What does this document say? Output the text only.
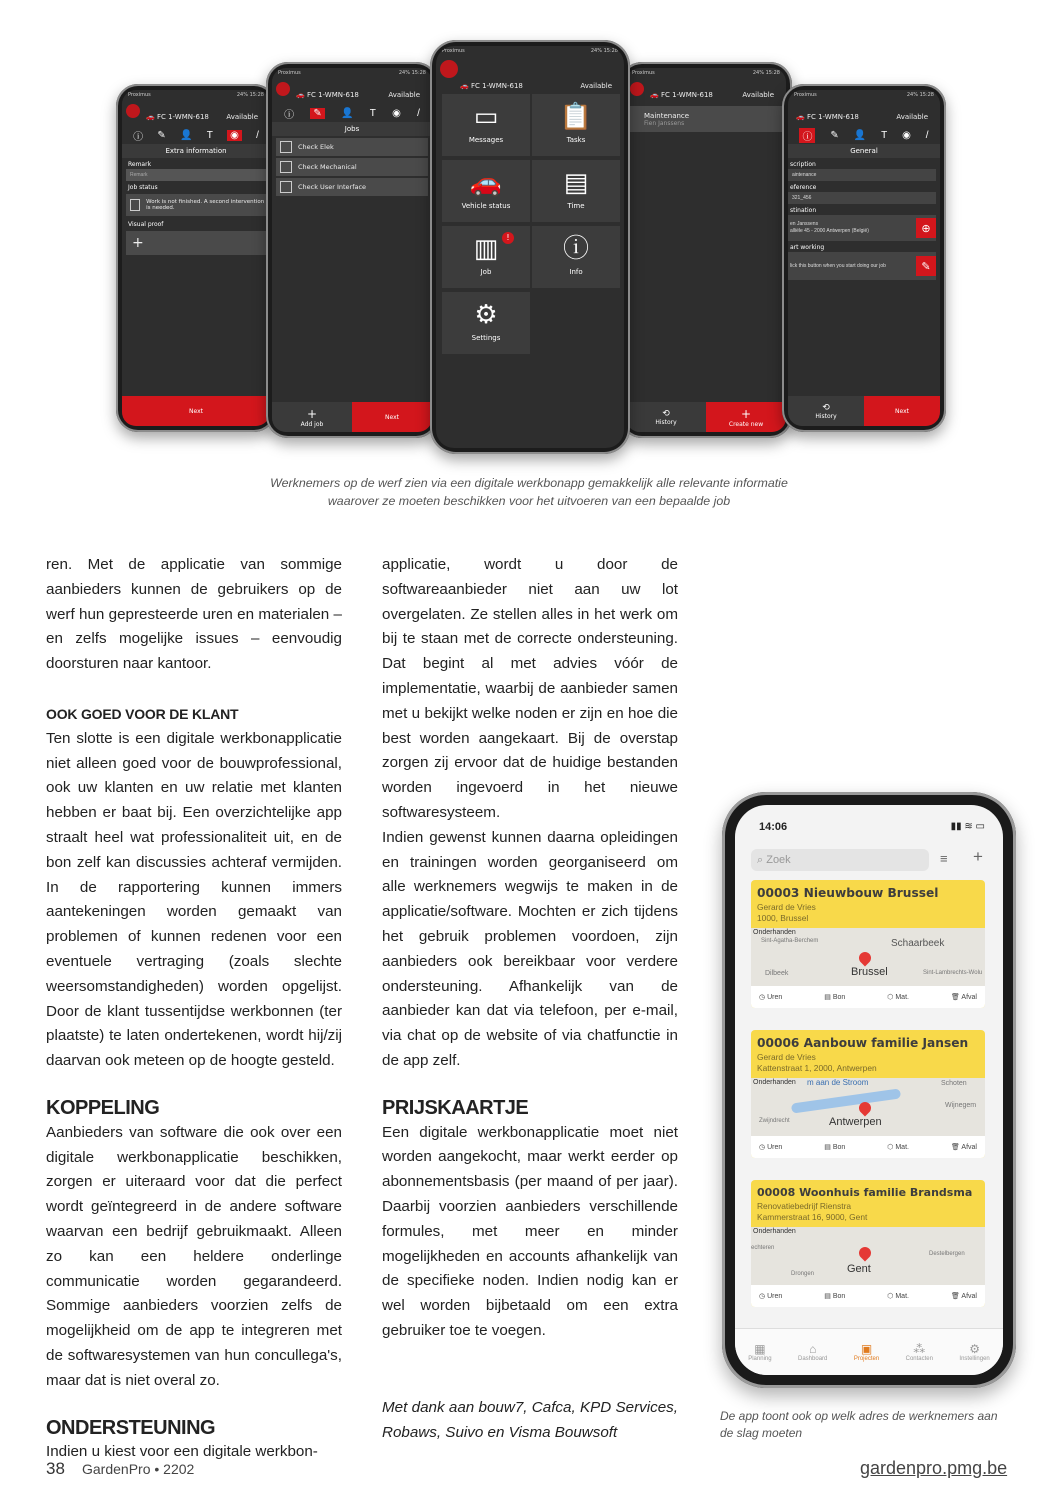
Proximus	24% 15:28
🚗 FC 1-WMN-618 Available
ⓘ ✎ 👤 T	◉	/
Extra information
Remark
Remark
Job status
Work is not finished. A second intervention is needed.
Visual proof
+
Next
Proximus	24% 15:28
🚗 FC 1-WMN-618	Available
ⓘ	✎	👤 T ◉ /
Jobs
Check Elek
Check Mechanical
Check User Interface
+
Add job
Next
Proximus	24% 15:28
🚗 FC 1-WMN-618	Available
Maintenance
Fien Janssens
⟲
History
+
Create new
Proximus	24% 15:28
🚗 FC 1-WMN-618	Available
ⓘ	✎ 👤 T ◉ /
General
scription
aintenance
eference
321_456
stination
en Janssens
alliële 45 - 2000 Antwerpen (België)	⊕
art working
lick this button when you start doing our job	✎
⟲
History
Next
Proximus	24% 15:28
🚗 FC 1-WMN-618	Available
▭
Messages
📋
Tasks
🚗
Vehicle status
▤
Time
▥
Job
!	ⓘ
Info
⚙
Settings
Werknemers op de werf zien via een digitale werkbonapp gemakkelijk alle relevante informatie waarover ze moeten beschikken voor het uitvoeren van een bepaalde job

ren. Met de applicatie van sommige aanbieders kunnen de gebruikers op de werf hun gepresteerde uren en materialen – en zelfs mogelijke issues – eenvoudig doorsturen naar kantoor.

OOK GOED VOOR DE KLANT

Ten slotte is een digitale werkbonapplicatie niet alleen goed voor de bouwprofessional, ook uw klanten en uw relatie met klanten hebben er baat bij. Een overzichtelijke app straalt heel wat professionaliteit uit, en de bon zelf kan discussies achteraf vermijden. In de rapportering kunnen immers aantekeningen worden gemaakt van problemen of kunnen redenen voor een eventuele vertraging (zoals slechte weersomstandigheden) worden opgelijst. Door de klant tussentijdse werkbonnen (ter plaatste) te laten ondertekenen, wordt hij/zij daarvan ook meteen op de hoogte gesteld.

KOPPELING

Aanbieders van software die ook over een digitale werkbonapplicatie beschikken, zorgen er uiteraard voor dat die perfect wordt geïntegreerd in de andere software waarvan een bedrijf gebruikmaakt. Alleen zo kan een heldere onderlinge communicatie worden gegarandeerd. Sommige aanbieders voorzien zelfs de mogelijkheid om de app te integreren met de softwaresystemen van hun concullega's, maar dat is niet overal zo.

ONDERSTEUNING

Indien u kiest voor een digitale werkbon-

applicatie, wordt u door de softwareaanbieder niet aan uw lot overgelaten. Ze stellen alles in het werk om bij te staan met de correcte ondersteuning. Dat begint al met advies vóór de implementatie, waarbij de aanbieder samen met u bekijkt welke noden er zijn en hoe die best worden aangekaart. Bij de overstap zorgen zij ervoor dat de huidige bestanden worden ingevoerd in het nieuwe softwaresysteem.

Indien gewenst kunnen daarna opleidingen en trainingen worden georganiseerd om alle werknemers wegwijs te maken in de applicatie/software. Mochten er zich tijdens het gebruik problemen voordoen, zijn aanbieders ook bereikbaar voor verdere ondersteuning. Afhankelijk van de aanbieder kan dat via telefoon, per e-mail, via chat op de website of via chatfunctie in de app zelf.

PRIJSKAARTJE

Een digitale werkbonapplicatie moet niet worden aangekocht, maar werkt eerder op abonnementsbasis (per maand of per jaar). Daarbij voorzien aanbieders verschillende formules, met meer en minder mogelijkheden en accounts afhankelijk van de specifieke noden. Indien nodig kan er wel worden bijbetaald om een extra gebruiker toe te voegen.

Met dank aan bouw7, Cafca, KPD Services, Robaws, Suivo en Visma Bouwsoft
14:06	▮▮ ≋ ▭
⌕ Zoek	≡ +
00003 Nieuwbouw Brussel
Gerard de Vries
1000, Brussel
Onderhanden
Sint-Agatha-Berchem	Schaarbeek
Dilbeek	Sint-Lambrechts-Wolu
Brussel
◷ Uren	▤ Bon	⬡ Mat.	🗑 Afval
00006 Aanbouw familie Jansen
Gerard de Vries
Kattenstraat 1, 2000, Antwerpen
Onderhanden m aan de Stroom	Schoten
Wijnegem
Zwijndrecht	Antwerpen
◷ Uren	▤ Bon	⬡ Mat.	🗑 Afval
00008 Woonhuis familie Brandsma
Renovatiebedrijf Rienstra
Kammerstraat 16, 9000, Gent
Onderhanden
echteren
Destelbergen
Drongen	Gent
◷ Uren	▤ Bon	⬡ Mat.	🗑 Afval
▦
Planning
⌂
Dashboard
▣
Projecten
⁂
Contacten
⚙
Instellingen
De app toont ook op welk adres de werknemers aan de slag moeten
38 GardenPro • 2202	gardenpro.pmg.be
